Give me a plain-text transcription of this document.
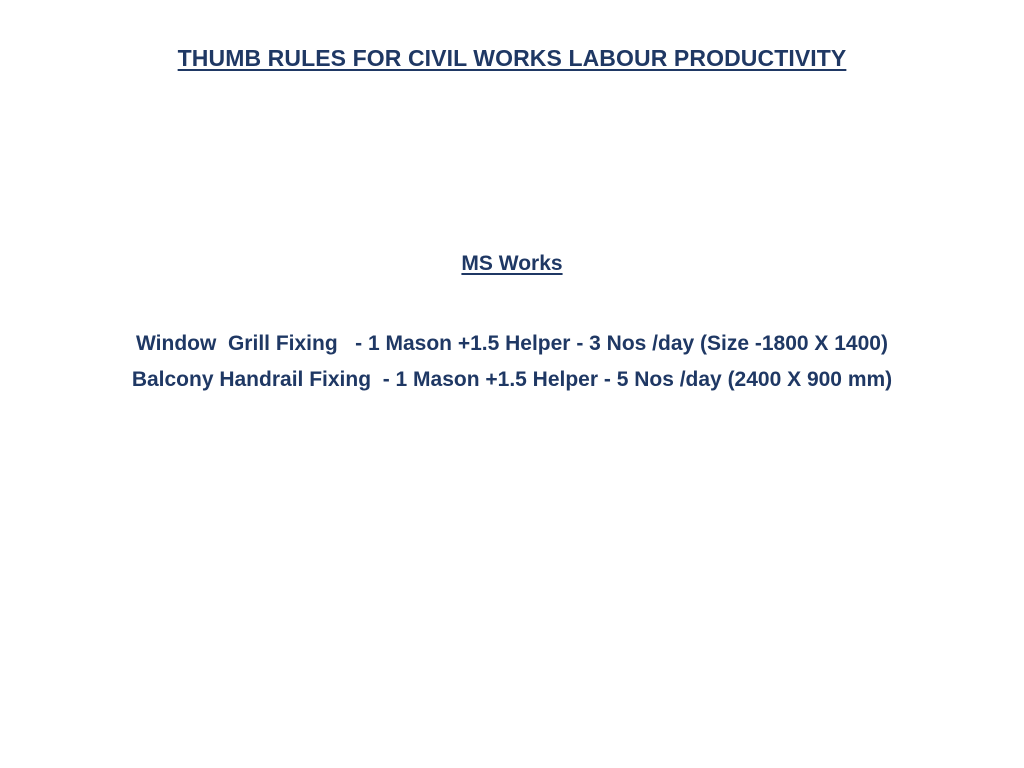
THUMB RULES FOR CIVIL WORKS LABOUR PRODUCTIVITY
MS Works
Window  Grill Fixing   - 1 Mason +1.5 Helper - 3 Nos /day (Size -1800 X 1400)
Balcony Handrail Fixing  - 1 Mason +1.5 Helper - 5 Nos /day (2400 X 900 mm)
